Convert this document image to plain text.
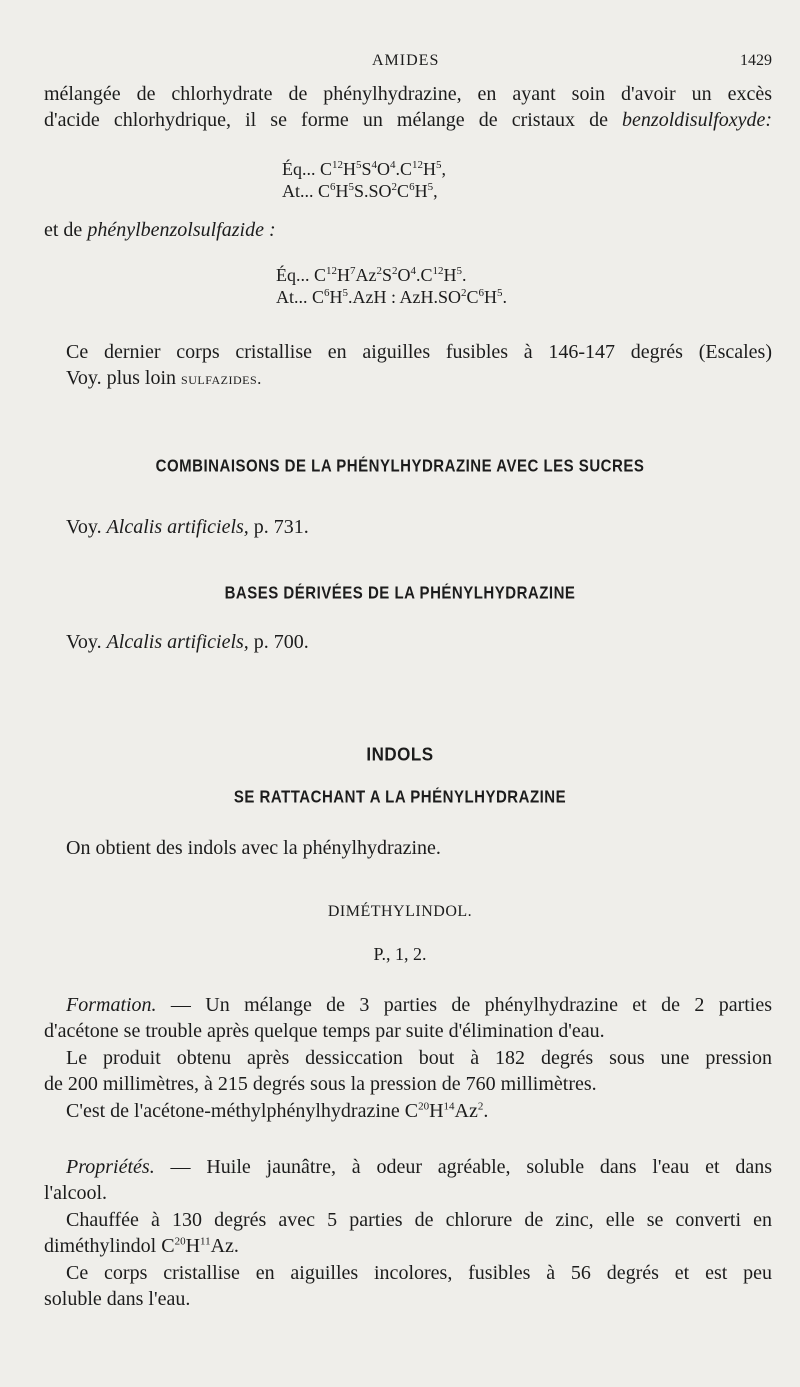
AMIDES	1429
mélangée de chlorhydrate de phénylhydrazine, en ayant soin d'avoir un excès
d'acide chlorhydrique, il se forme un mélange de cristaux de benzoldisulfoxyde:
Éq... $C^{12}H^5S^4O^4.C^{12}H^5$,
At... $C^6H^5S.SO^2C^6H^5$,
et de phénylbenzolsulfazide :
Éq... $C^{12}H^7Az^2S^2O^4.C^{12}H^5$.
At... $C^6H^5.AzH$ : $AzH.SO^2C^6H^5$.
Ce dernier corps cristallise en aiguilles fusibles à 146-147 degrés (Escales)
Voy. plus loin sulfazides.
COMBINAISONS DE LA PHÉNYLHYDRAZINE AVEC LES SUCRES
Voy. Alcalis artificiels, p. 731.
BASES DÉRIVÉES DE LA PHÉNYLHYDRAZINE
Voy. Alcalis artificiels, p. 700.
INDOLS
SE RATTACHANT A LA PHÉNYLHYDRAZINE
On obtient des indols avec la phénylhydrazine.
DIMÉTHYLINDOL.
P., 1, 2.
Formation. — Un mélange de 3 parties de phénylhydrazine et de 2 parties
d'acétone se trouble après quelque temps par suite d'élimination d'eau.
Le produit obtenu après dessiccation bout à 182 degrés sous une pression
de 200 millimètres, à 215 degrés sous la pression de 760 millimètres.
C'est de l'acétone-méthylphénylhydrazine $C^{20}H^{14}Az^2$.
Propriétés. — Huile jaunâtre, à odeur agréable, soluble dans l'eau et dans
l'alcool.
Chauffée à 130 degrés avec 5 parties de chlorure de zinc, elle se converti en
diméthylindol $C^{20}H^{11}Az$.
Ce corps cristallise en aiguilles incolores, fusibles à 56 degrés et est peu
soluble dans l'eau.
